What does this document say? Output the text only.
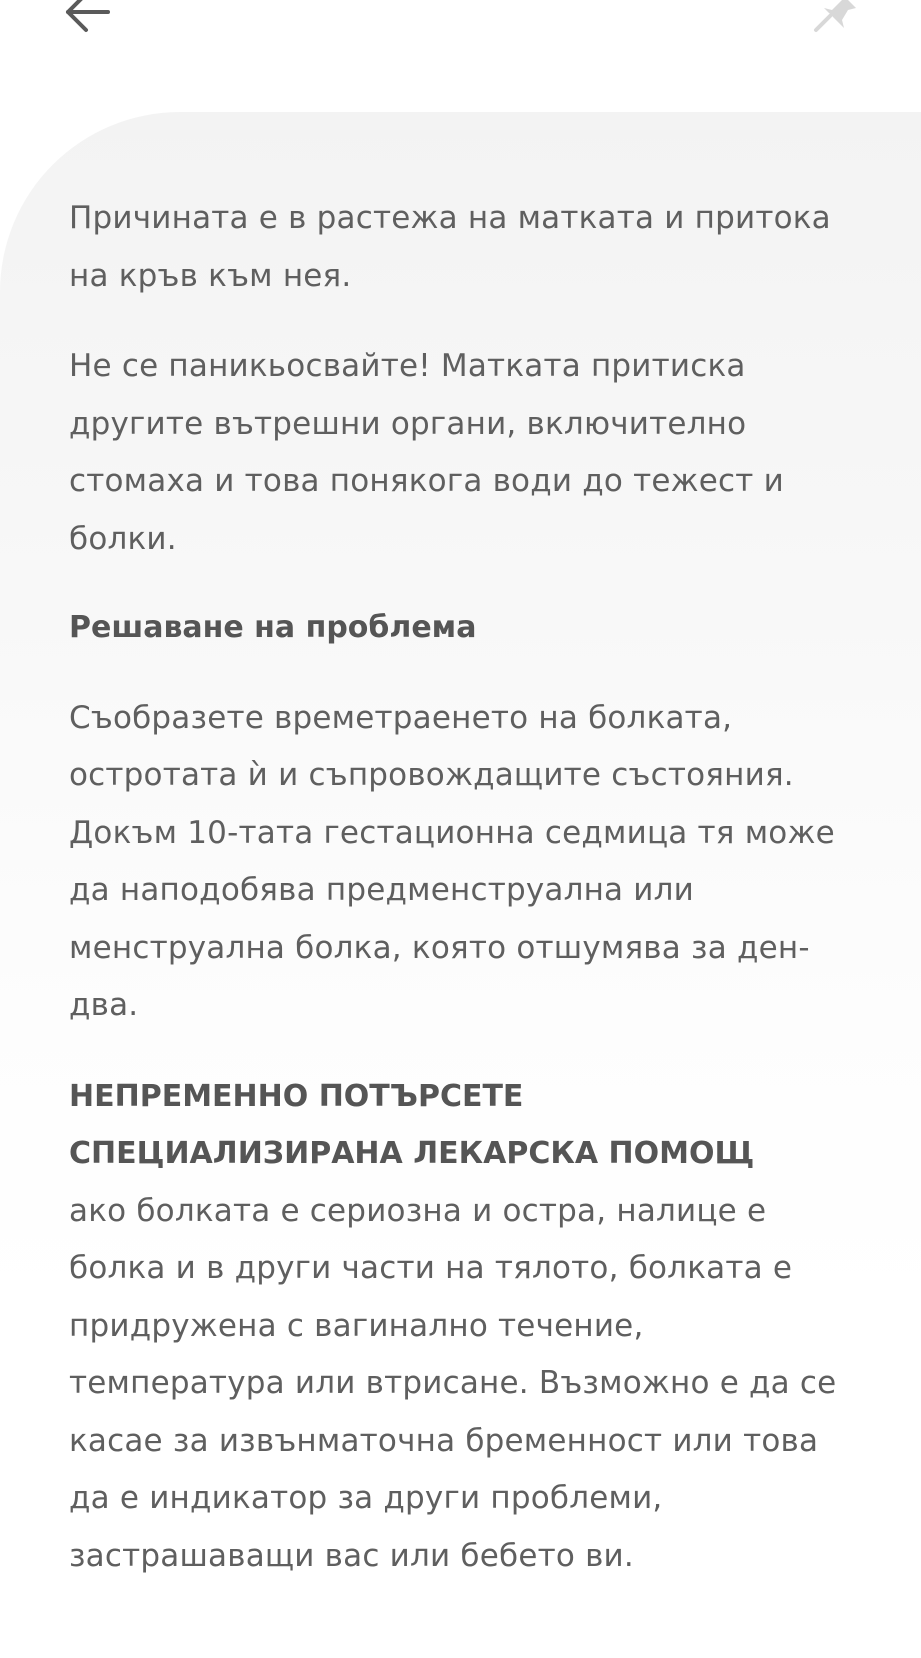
Причината е в растежа на матката и притока на кръв към нея.

Не се паникьосвайте! Матката притиска другите вътрешни органи, включително стомаха и това понякога води до тежест и болки.

Решаване на проблема

Съобразете времетраенето на болката, остротата ѝ и съпровождащите състояния. Докъм 10-тата гестационна седмица тя може да наподобява предменструална или менструална болка, която отшумява за ден-два.

НЕПРЕМЕННО ПОТЪРСЕТЕ СПЕЦИАЛИЗИРАНА ЛЕКАРСКА ПОМОЩ

ако болката е сериозна и остра, налице е болка и в други части на тялото, болката е придружена с вагинално течение, температура или втрисане. Възможно е да се касае за извънматочна бременност или това да е индикатор за други проблеми, застрашаващи вас или бебето ви.
